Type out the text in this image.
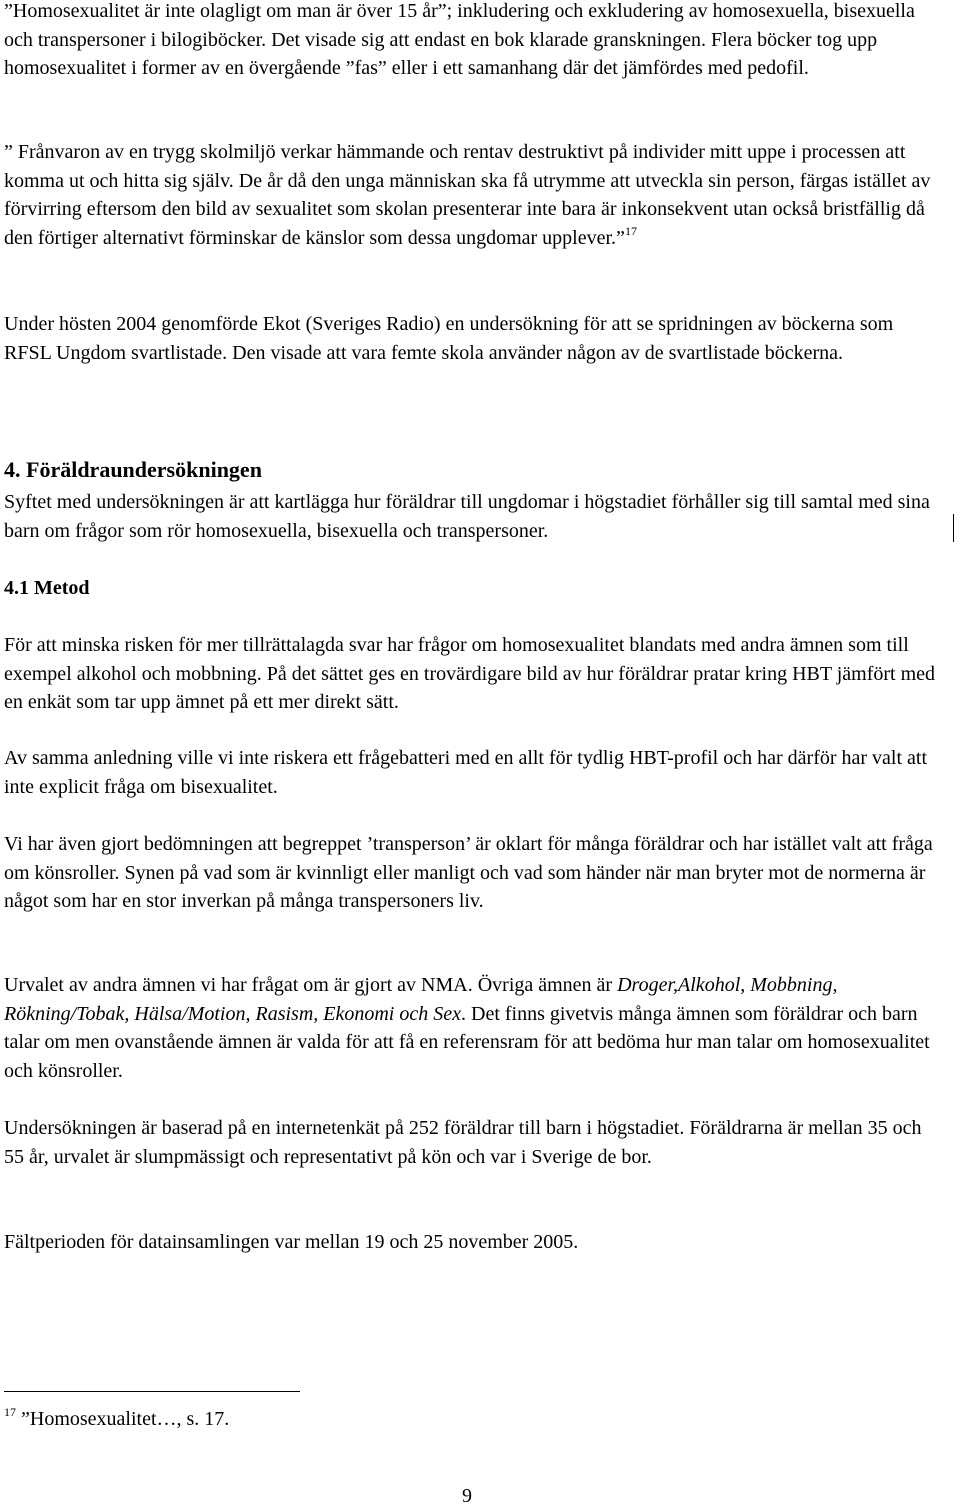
”Homosexualitet är inte olagligt om man är över 15 år”; inkludering och exkludering av homosexuella, bisexuella och transpersoner i bilogiböcker. Det visade sig att endast en bok klarade granskningen. Flera böcker tog upp homosexualitet i former av en övergående ”fas” eller i ett samanhang där det jämfördes med pedofil.

” Frånvaron av en trygg skolmiljö verkar hämmande och rentav destruktivt på individer mitt uppe i processen att komma ut och hitta sig själv. De år då den unga människan ska få utrymme att utveckla sin person, färgas istället av förvirring eftersom den bild av sexualitet som skolan presenterar inte bara är inkonsekvent utan också bristfällig då den förtiger alternativt förminskar de känslor som dessa ungdomar upplever.”$^{17}$

Under hösten 2004 genomförde Ekot (Sveriges Radio) en undersökning för att se spridningen av böckerna som RFSL Ungdom svartlistade. Den visade att vara femte skola använder någon av de svartlistade böckerna.

4. Föräldraundersökningen

Syftet med undersökningen är att kartlägga hur föräldrar till ungdomar i högstadiet förhåller sig till samtal med sina barn om frågor som rör homosexuella, bisexuella och transpersoner.

4.1 Metod

För att minska risken för mer tillrättalagda svar har frågor om homosexualitet blandats med andra ämnen som till exempel alkohol och mobbning. På det sättet ges en trovärdigare bild av hur föräldrar pratar kring HBT jämfört med en enkät som tar upp ämnet på ett mer direkt sätt.

Av samma anledning ville vi inte riskera ett frågebatteri med en allt för tydlig HBT-profil och har därför har valt att inte explicit fråga om bisexualitet.

Vi har även gjort bedömningen att begreppet ’transperson’ är oklart för många föräldrar och har istället valt att fråga om könsroller. Synen på vad som är kvinnligt eller manligt och vad som händer när man bryter mot de normerna är något som har en stor inverkan på många transpersoners liv.

Urvalet av andra ämnen vi har frågat om är gjort av NMA. Övriga ämnen är Droger,Alkohol, Mobbning, Rökning/Tobak, Hälsa/Motion, Rasism, Ekonomi och Sex. Det finns givetvis många ämnen som föräldrar och barn talar om men ovanstående ämnen är valda för att få en referensram för att bedöma hur man talar om homosexualitet och könsroller.

Undersökningen är baserad på en internetenkät på 252 föräldrar till barn i högstadiet. Föräldrarna är mellan 35 och 55 år, urvalet är slumpmässigt och representativt på kön och var i Sverige de bor.

Fältperioden för datainsamlingen var mellan 19 och 25 november 2005.

$^{17}$ ”Homosexualitet…, s. 17.
9
